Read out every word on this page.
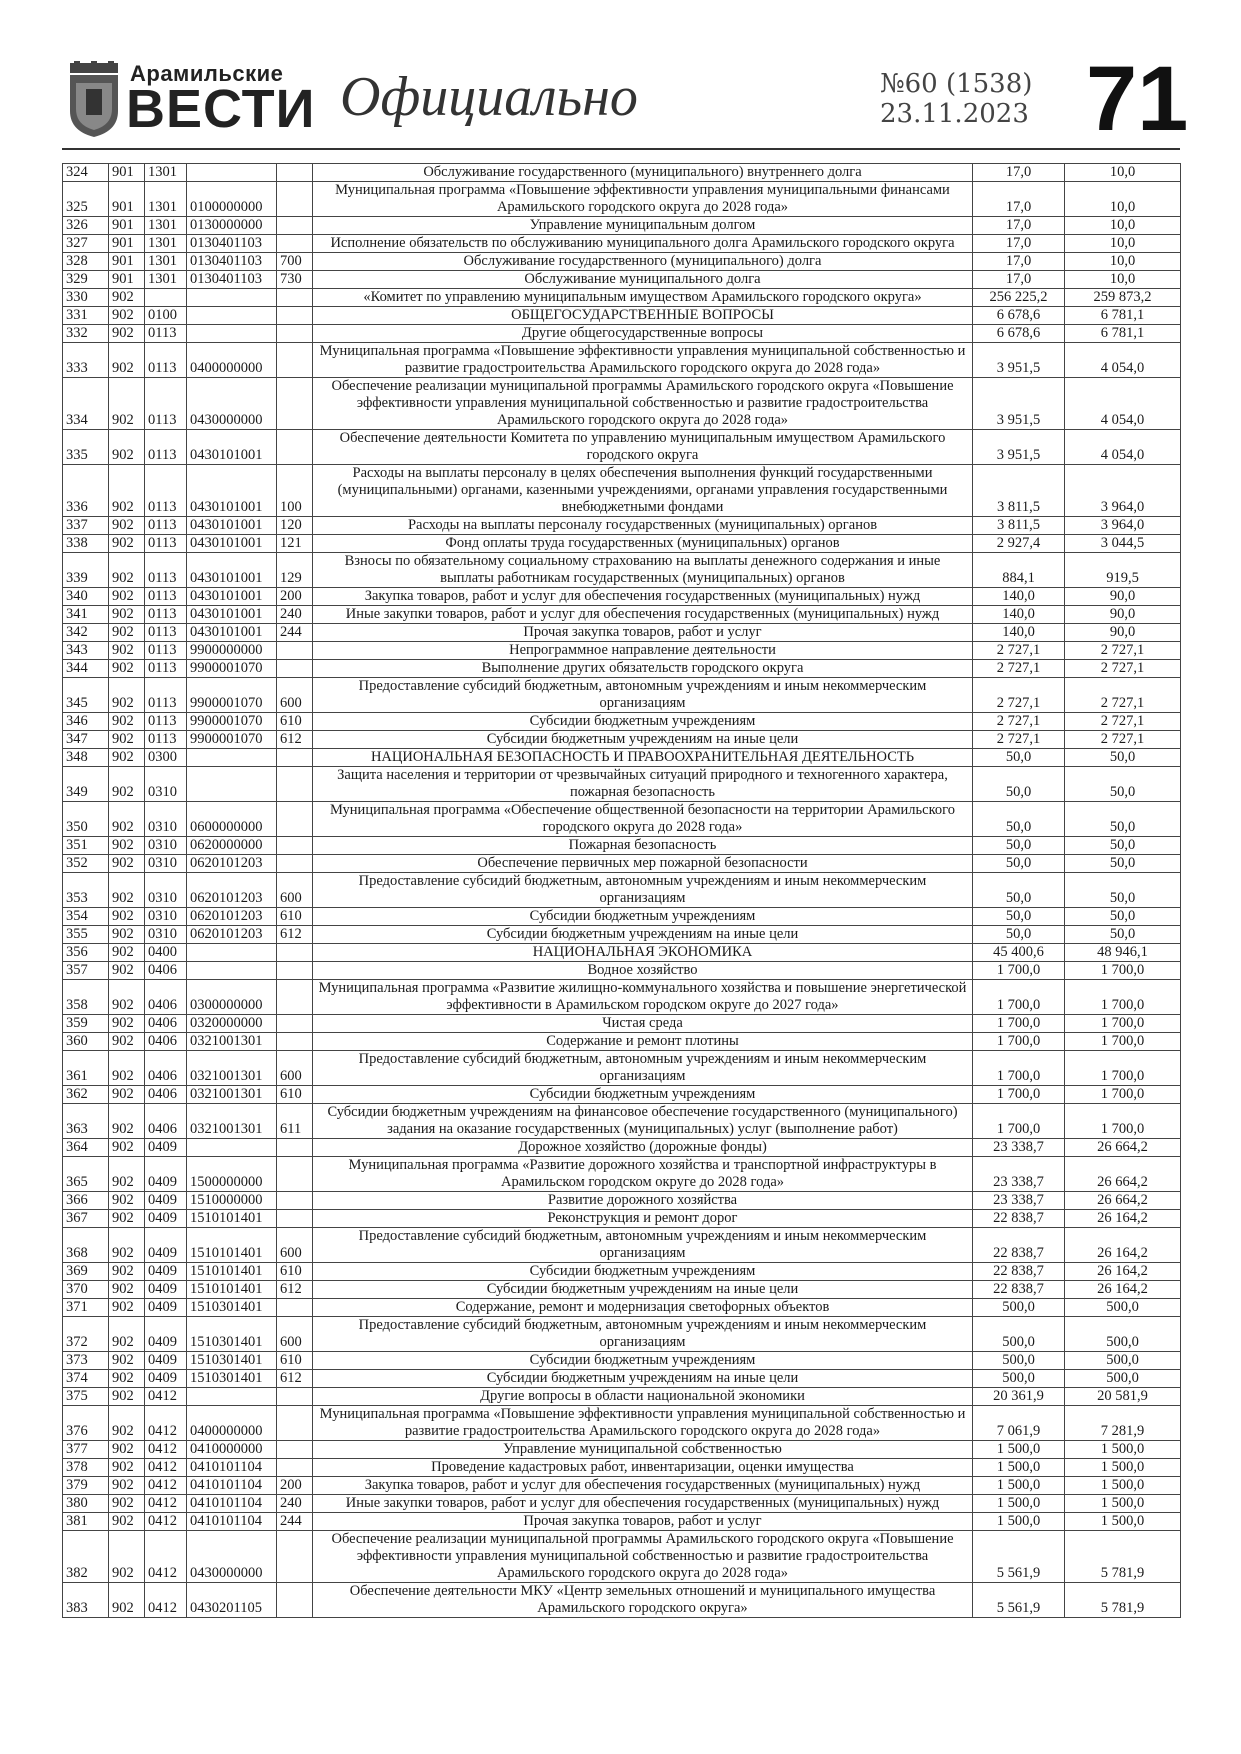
Арамильские
ВЕСТИ Официально	№60 (1538)
23.11.2023 71
324	901	1301			Обслуживание государственного (муниципального) внутреннего долга	17,0	10,0
325	901	1301	0100000000		Муниципальная программа «Повышение эффективности управления муниципальными финансами Арамильского городского округа до 2028 года»	17,0	10,0
326	901	1301	0130000000		Управление муниципальным долгом	17,0	10,0
327	901	1301	0130401103		Исполнение обязательств по обслуживанию муниципального долга Арамильского городского округа	17,0	10,0
328	901	1301	0130401103	700	Обслуживание государственного (муниципального) долга	17,0	10,0
329	901	1301	0130401103	730	Обслуживание муниципального долга	17,0	10,0
330	902				«Комитет по управлению муниципальным имуществом Арамильского городского округа»	256 225,2	259 873,2
331	902	0100			ОБЩЕГОСУДАРСТВЕННЫЕ ВОПРОСЫ	6 678,6	6 781,1
332	902	0113			Другие общегосударственные вопросы	6 678,6	6 781,1
333	902	0113	0400000000		Муниципальная программа «Повышение эффективности управления муниципальной собственностью и развитие градостроительства Арамильского городского округа до 2028 года»	3 951,5	4 054,0
334	902	0113	0430000000		Обеспечение реализации муниципальной программы Арамильского городского округа «Повышение эффективности управления муниципальной собственностью и развитие градостроительства Арамильского городского округа до 2028 года»	3 951,5	4 054,0
335	902	0113	0430101001		Обеспечение деятельности Комитета по управлению муниципальным имуществом Арамильского городского округа	3 951,5	4 054,0
336	902	0113	0430101001	100	Расходы на выплаты персоналу в целях обеспечения выполнения функций государственными (муниципальными) органами, казенными учреждениями, органами управления государственными внебюджетными фондами	3 811,5	3 964,0
337	902	0113	0430101001	120	Расходы на выплаты персоналу государственных (муниципальных) органов	3 811,5	3 964,0
338	902	0113	0430101001	121	Фонд оплаты труда государственных (муниципальных) органов	2 927,4	3 044,5
339	902	0113	0430101001	129	Взносы по обязательному социальному страхованию на выплаты денежного содержания и иные выплаты работникам государственных (муниципальных) органов	884,1	919,5
340	902	0113	0430101001	200	Закупка товаров, работ и услуг для обеспечения государственных (муниципальных) нужд	140,0	90,0
341	902	0113	0430101001	240	Иные закупки товаров, работ и услуг для обеспечения государственных (муниципальных) нужд	140,0	90,0
342	902	0113	0430101001	244	Прочая закупка товаров, работ и услуг	140,0	90,0
343	902	0113	9900000000		Непрограммное направление деятельности	2 727,1	2 727,1
344	902	0113	9900001070		Выполнение других обязательств городского округа	2 727,1	2 727,1
345	902	0113	9900001070	600	Предоставление субсидий бюджетным, автономным учреждениям и иным некоммерческим организациям	2 727,1	2 727,1
346	902	0113	9900001070	610	Субсидии бюджетным учреждениям	2 727,1	2 727,1
347	902	0113	9900001070	612	Субсидии бюджетным учреждениям на иные цели	2 727,1	2 727,1
348	902	0300			НАЦИОНАЛЬНАЯ БЕЗОПАСНОСТЬ И ПРАВООХРАНИТЕЛЬНАЯ ДЕЯТЕЛЬНОСТЬ	50,0	50,0
349	902	0310			Защита населения и территории от чрезвычайных ситуаций природного и техногенного характера, пожарная безопасность	50,0	50,0
350	902	0310	0600000000		Муниципальная программа «Обеспечение общественной безопасности на территории Арамильского городского округа до 2028 года»	50,0	50,0
351	902	0310	0620000000		Пожарная безопасность	50,0	50,0
352	902	0310	0620101203		Обеспечение первичных мер пожарной безопасности	50,0	50,0
353	902	0310	0620101203	600	Предоставление субсидий бюджетным, автономным учреждениям и иным некоммерческим организациям	50,0	50,0
354	902	0310	0620101203	610	Субсидии бюджетным учреждениям	50,0	50,0
355	902	0310	0620101203	612	Субсидии бюджетным учреждениям на иные цели	50,0	50,0
356	902	0400			НАЦИОНАЛЬНАЯ ЭКОНОМИКА	45 400,6	48 946,1
357	902	0406			Водное хозяйство	1 700,0	1 700,0
358	902	0406	0300000000		Муниципальная программа «Развитие жилищно-коммунального хозяйства и повышение энергетической эффективности в Арамильском городском округе до 2027 года»	1 700,0	1 700,0
359	902	0406	0320000000		Чистая среда	1 700,0	1 700,0
360	902	0406	0321001301		Содержание и ремонт плотины	1 700,0	1 700,0
361	902	0406	0321001301	600	Предоставление субсидий бюджетным, автономным учреждениям и иным некоммерческим организациям	1 700,0	1 700,0
362	902	0406	0321001301	610	Субсидии бюджетным учреждениям	1 700,0	1 700,0
363	902	0406	0321001301	611	Субсидии бюджетным учреждениям на финансовое обеспечение государственного (муниципального) задания на оказание государственных (муниципальных) услуг (выполнение работ)	1 700,0	1 700,0
364	902	0409			Дорожное хозяйство (дорожные фонды)	23 338,7	26 664,2
365	902	0409	1500000000		Муниципальная программа «Развитие дорожного хозяйства и транспортной инфраструктуры в Арамильском городском округе до 2028 года»	23 338,7	26 664,2
366	902	0409	1510000000		Развитие дорожного хозяйства	23 338,7	26 664,2
367	902	0409	1510101401		Реконструкция и ремонт дорог	22 838,7	26 164,2
368	902	0409	1510101401	600	Предоставление субсидий бюджетным, автономным учреждениям и иным некоммерческим организациям	22 838,7	26 164,2
369	902	0409	1510101401	610	Субсидии бюджетным учреждениям	22 838,7	26 164,2
370	902	0409	1510101401	612	Субсидии бюджетным учреждениям на иные цели	22 838,7	26 164,2
371	902	0409	1510301401		Содержание, ремонт и модернизация светофорных объектов	500,0	500,0
372	902	0409	1510301401	600	Предоставление субсидий бюджетным, автономным учреждениям и иным некоммерческим организациям	500,0	500,0
373	902	0409	1510301401	610	Субсидии бюджетным учреждениям	500,0	500,0
374	902	0409	1510301401	612	Субсидии бюджетным учреждениям на иные цели	500,0	500,0
375	902	0412			Другие вопросы в области национальной экономики	20 361,9	20 581,9
376	902	0412	0400000000		Муниципальная программа «Повышение эффективности управления муниципальной собственностью и развитие градостроительства Арамильского городского округа до 2028 года»	7 061,9	7 281,9
377	902	0412	0410000000		Управление муниципальной собственностью	1 500,0	1 500,0
378	902	0412	0410101104		Проведение кадастровых работ, инвентаризации, оценки имущества	1 500,0	1 500,0
379	902	0412	0410101104	200	Закупка товаров, работ и услуг для обеспечения государственных (муниципальных) нужд	1 500,0	1 500,0
380	902	0412	0410101104	240	Иные закупки товаров, работ и услуг для обеспечения государственных (муниципальных) нужд	1 500,0	1 500,0
381	902	0412	0410101104	244	Прочая закупка товаров, работ и услуг	1 500,0	1 500,0
382	902	0412	0430000000		Обеспечение реализации муниципальной программы Арамильского городского округа «Повышение эффективности управления муниципальной собственностью и развитие градостроительства Арамильского городского округа до 2028 года»	5 561,9	5 781,9
383	902	0412	0430201105		Обеспечение деятельности МКУ «Центр земельных отношений и муниципального имущества Арамильского городского округа»	5 561,9	5 781,9
